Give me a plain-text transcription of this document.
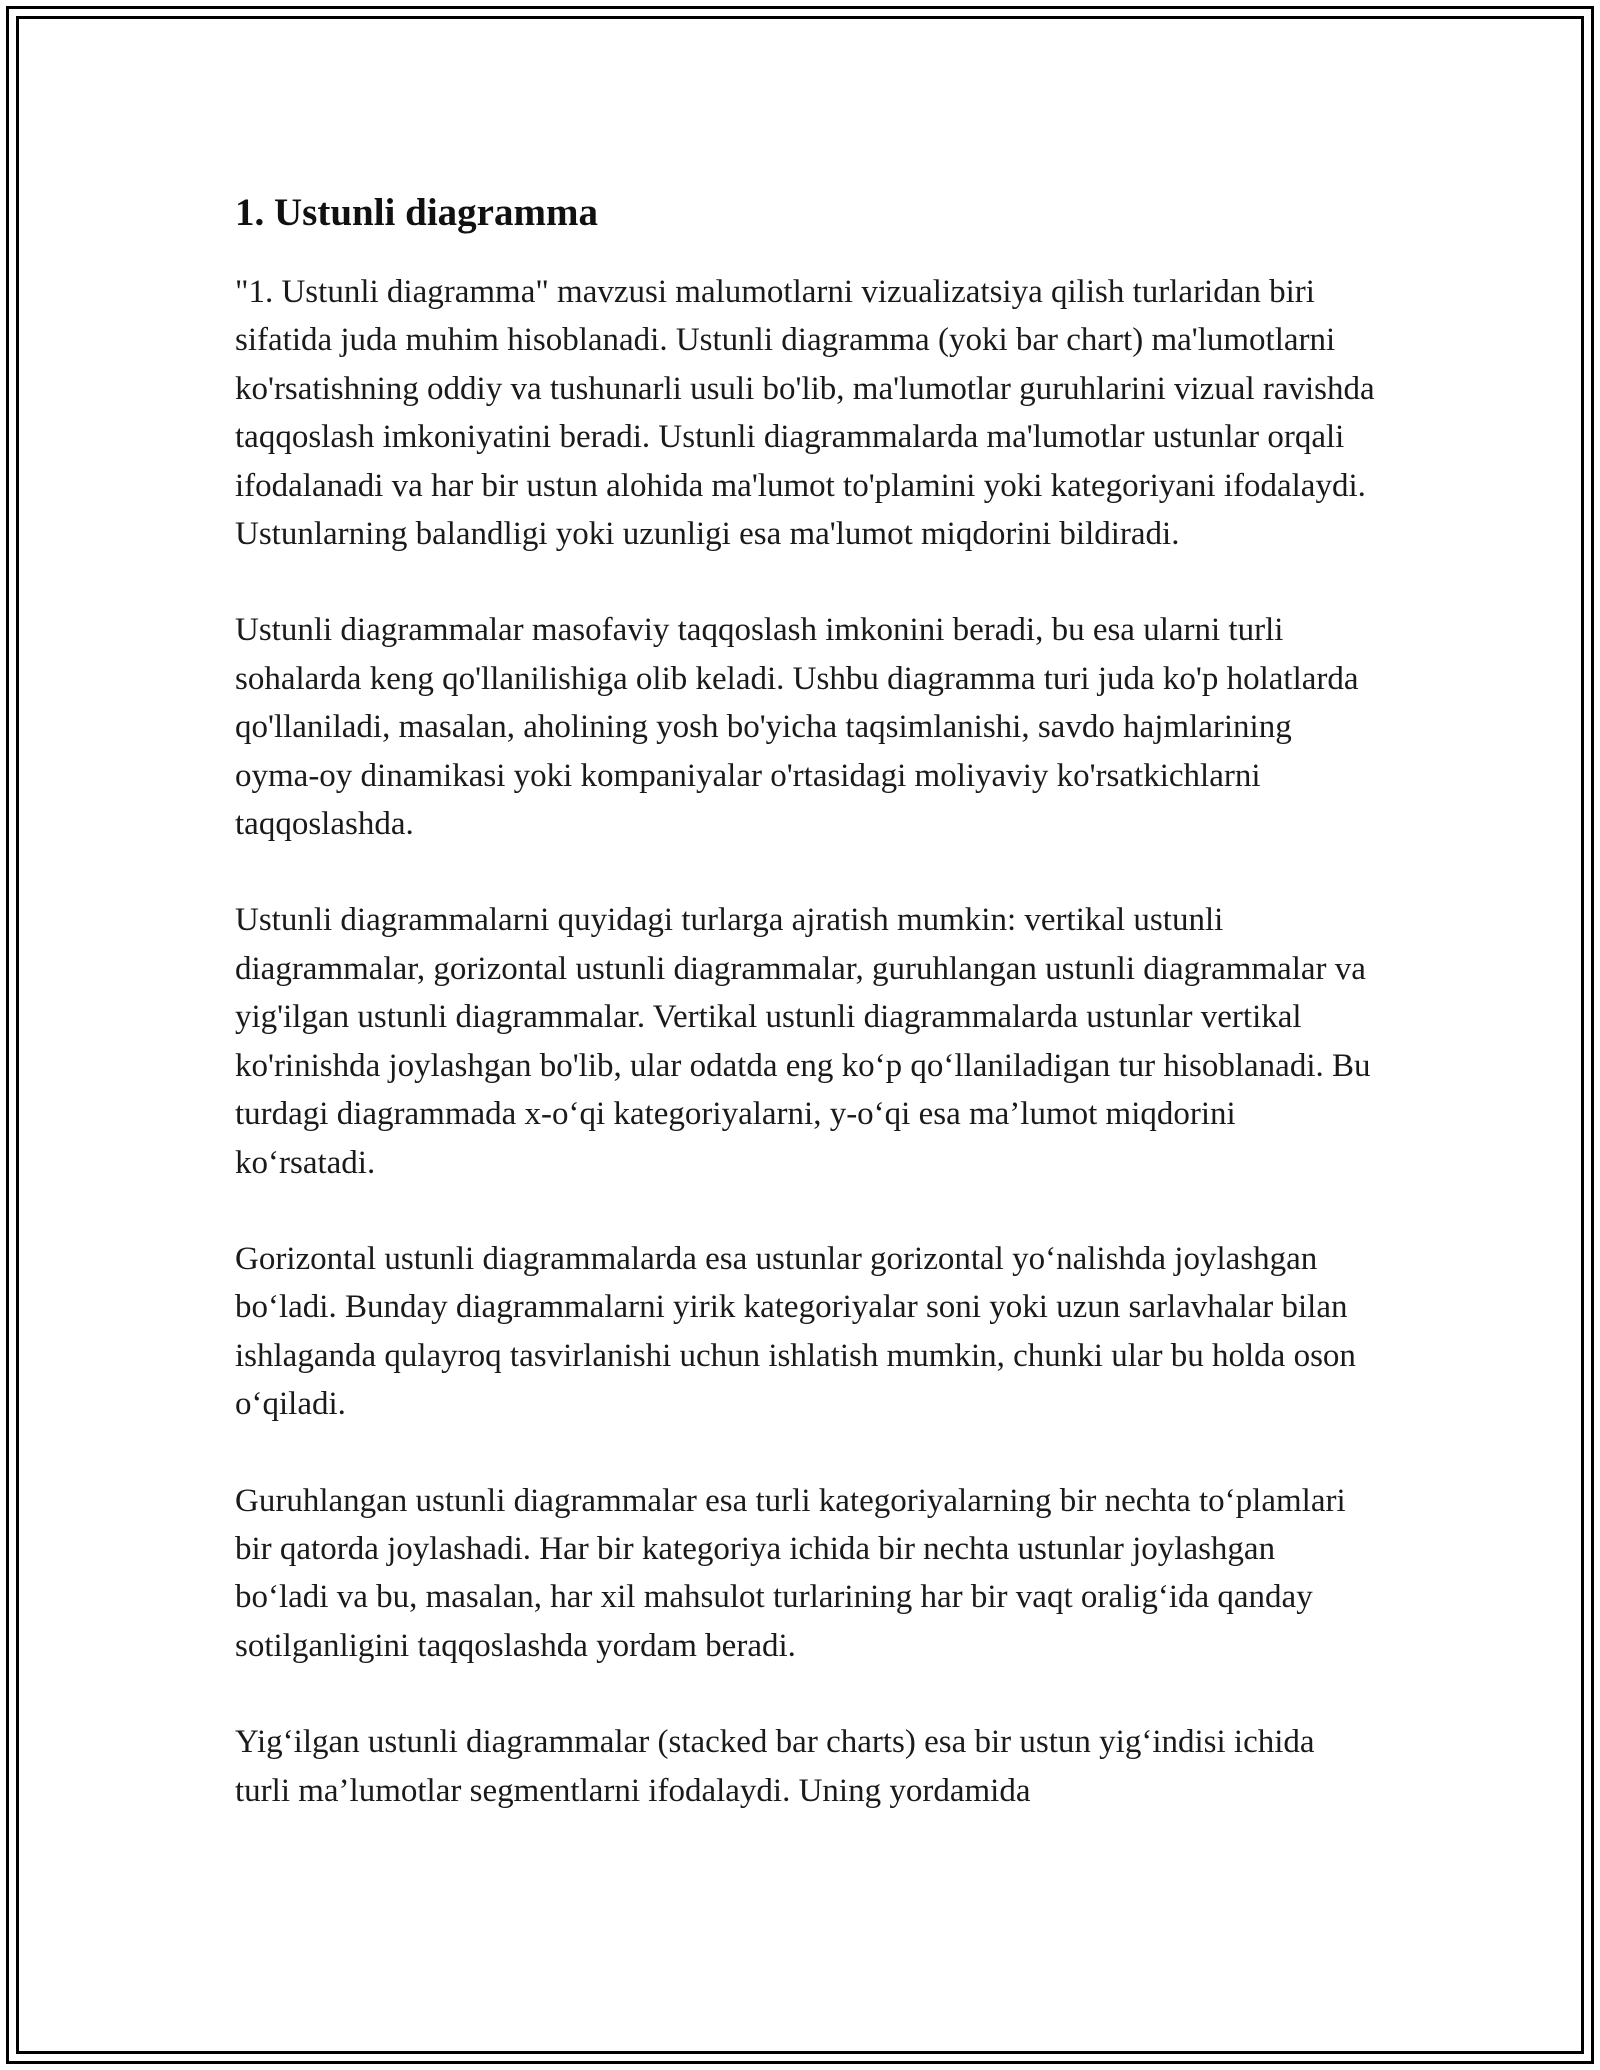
1. Ustunli diagramma

"1. Ustunli diagramma" mavzusi malumotlarni vizualizatsiya qilish turlaridan biri sifatida juda muhim hisoblanadi. Ustunli diagramma (yoki bar chart) ma'lumotlarni ko'rsatishning oddiy va tushunarli usuli bo'lib, ma'lumotlar guruhlarini vizual ravishda taqqoslash imkoniyatini beradi. Ustunli diagrammalarda ma'lumotlar ustunlar orqali ifodalanadi va har bir ustun alohida ma'lumot to'plamini yoki kategoriyani ifodalaydi. Ustunlarning balandligi yoki uzunligi esa ma'lumot miqdorini bildiradi.

Ustunli diagrammalar masofaviy taqqoslash imkonini beradi, bu esa ularni turli sohalarda keng qo'llanilishiga olib keladi. Ushbu diagramma turi juda ko'p holatlarda qo'llaniladi, masalan, aholining yosh bo'yicha taqsimlanishi, savdo hajmlarining oyma-oy dinamikasi yoki kompaniyalar o'rtasidagi moliyaviy ko'rsatkichlarni taqqoslashda.

Ustunli diagrammalarni quyidagi turlarga ajratish mumkin: vertikal ustunli diagrammalar, gorizontal ustunli diagrammalar, guruhlangan ustunli diagrammalar va yig'ilgan ustunli diagrammalar. Vertikal ustunli diagrammalarda ustunlar vertikal ko'rinishda joylashgan bo'lib, ular odatda eng ko‘p qo‘llaniladigan tur hisoblanadi. Bu turdagi diagrammada x-o‘qi kategoriyalarni, y-o‘qi esa ma’lumot miqdorini ko‘rsatadi.

Gorizontal ustunli diagrammalarda esa ustunlar gorizontal yo‘nalishda joylashgan bo‘ladi. Bunday diagrammalarni yirik kategoriyalar soni yoki uzun sarlavhalar bilan ishlaganda qulayroq tasvirlanishi uchun ishlatish mumkin, chunki ular bu holda oson o‘qiladi.

Guruhlangan ustunli diagrammalar esa turli kategoriyalarning bir nechta to‘plamlari bir qatorda joylashadi. Har bir kategoriya ichida bir nechta ustunlar joylashgan bo‘ladi va bu, masalan, har xil mahsulot turlarining har bir vaqt oralig‘ida qanday sotilganligini taqqoslashda yordam beradi.

Yig‘ilgan ustunli diagrammalar (stacked bar charts) esa bir ustun yig‘indisi ichida turli ma’lumotlar segmentlarni ifodalaydi. Uning yordamida
